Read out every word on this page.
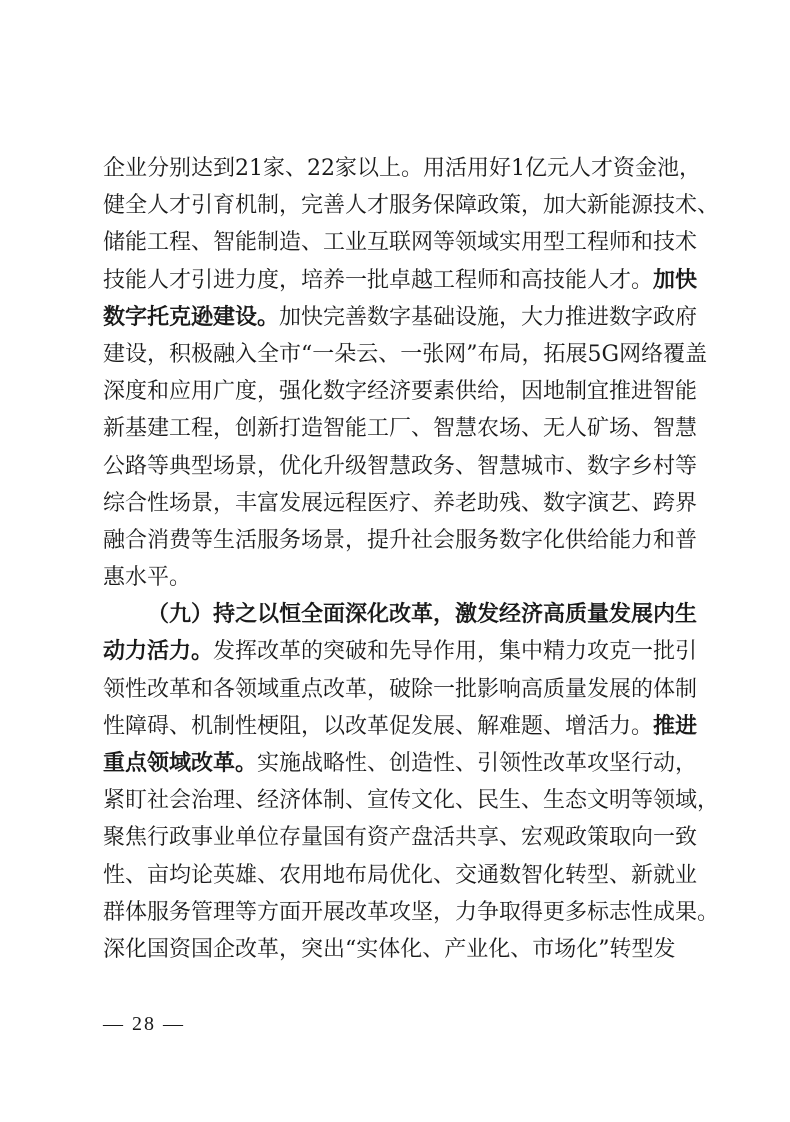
企业分别达到21家、22家以上。用活用好1亿元人才资金池，
健全人才引育机制，完善人才服务保障政策，加大新能源技术、
储能工程、智能制造、工业互联网等领域实用型工程师和技术
技能人才引进力度，培养一批卓越工程师和高技能人才。加快
数字托克逊建设。加快完善数字基础设施，大力推进数字政府
建设，积极融入全市“一朵云、一张网”布局，拓展5G网络覆盖
深度和应用广度，强化数字经济要素供给，因地制宜推进智能
新基建工程，创新打造智能工厂、智慧农场、无人矿场、智慧
公路等典型场景，优化升级智慧政务、智慧城市、数字乡村等
综合性场景，丰富发展远程医疗、养老助残、数字演艺、跨界
融合消费等生活服务场景，提升社会服务数字化供给能力和普
惠水平。
（九）持之以恒全面深化改革，激发经济高质量发展内生
动力活力。发挥改革的突破和先导作用，集中精力攻克一批引
领性改革和各领域重点改革，破除一批影响高质量发展的体制
性障碍、机制性梗阻，以改革促发展、解难题、增活力。推进
重点领域改革。实施战略性、创造性、引领性改革攻坚行动，
紧盯社会治理、经济体制、宣传文化、民生、生态文明等领域，
聚焦行政事业单位存量国有资产盘活共享、宏观政策取向一致
性、亩均论英雄、农用地布局优化、交通数智化转型、新就业
群体服务管理等方面开展改革攻坚，力争取得更多标志性成果。
深化国资国企改革，突出“实体化、产业化、市场化”转型发
— 28 —
